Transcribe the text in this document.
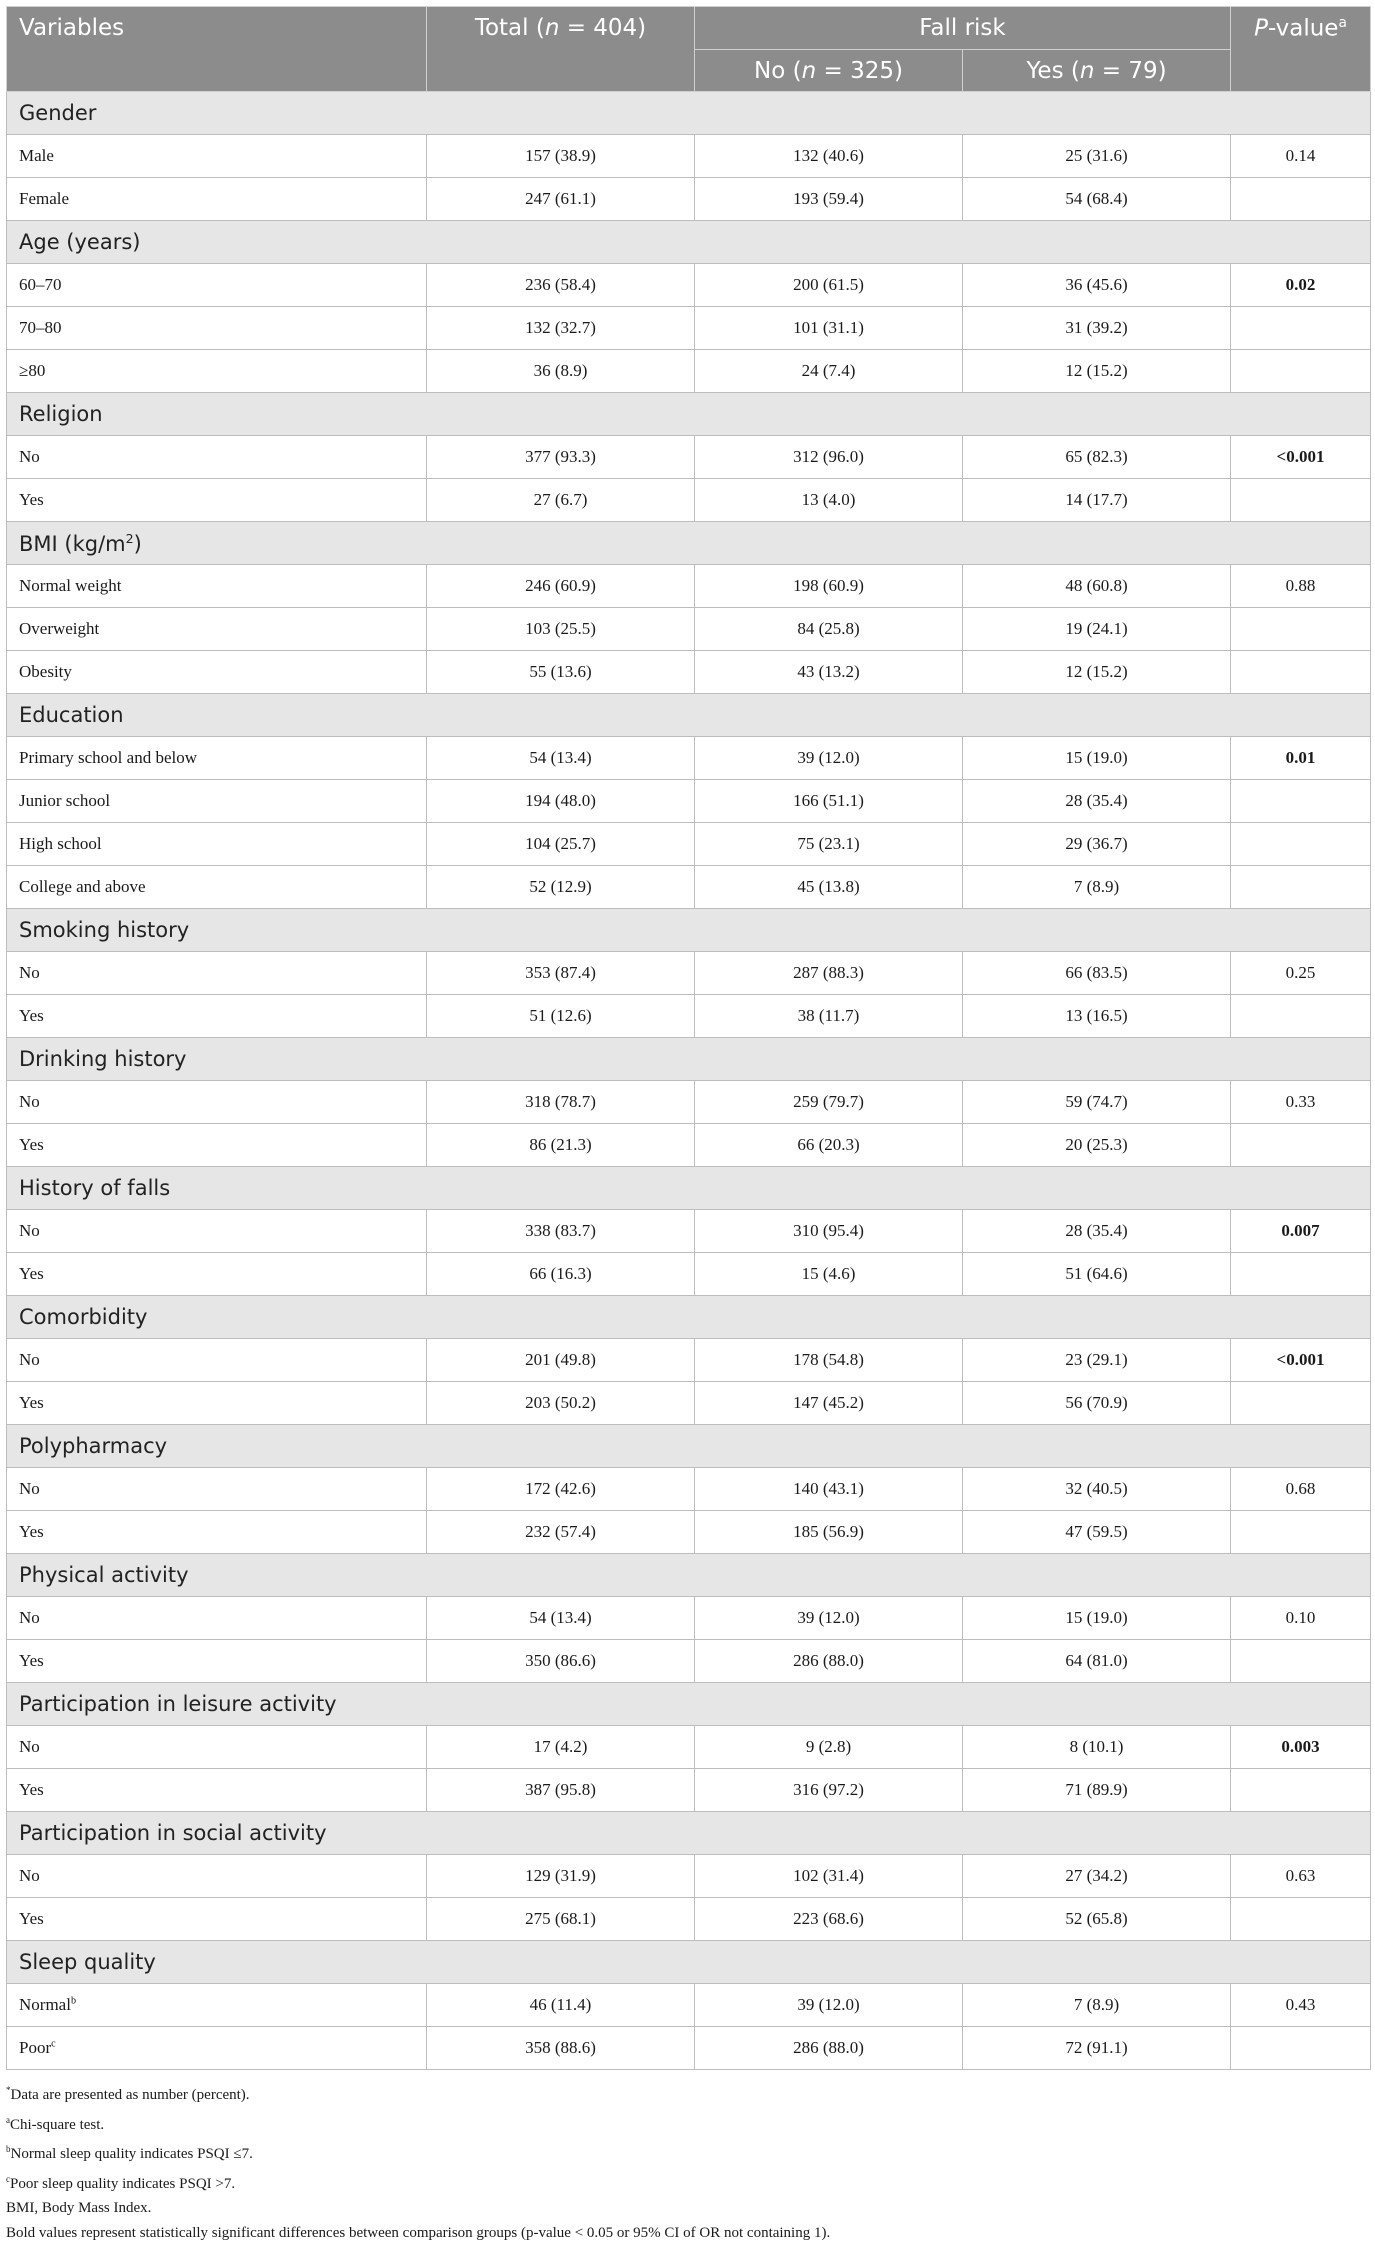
Variables	Total (n = 404)	Fall risk		P-value$^a$
		No (n = 325)	Yes (n = 79)	
Gender				
Male	157 (38.9)	132 (40.6)	25 (31.6)	0.14
Female	247 (61.1)	193 (59.4)	54 (68.4)	
Age (years)				
60–70	236 (58.4)	200 (61.5)	36 (45.6)	0.02
70–80	132 (32.7)	101 (31.1)	31 (39.2)	
≥80	36 (8.9)	24 (7.4)	12 (15.2)	
Religion				
No	377 (93.3)	312 (96.0)	65 (82.3)	<0.001
Yes	27 (6.7)	13 (4.0)	14 (17.7)	
BMI $(kg/m^2)$				
Normal weight	246 (60.9)	198 (60.9)	48 (60.8)	0.88
Overweight	103 (25.5)	84 (25.8)	19 (24.1)	
Obesity	55 (13.6)	43 (13.2)	12 (15.2)	
Education				
Primary school and below	54 (13.4)	39 (12.0)	15 (19.0)	0.01
Junior school	194 (48.0)	166 (51.1)	28 (35.4)	
High school	104 (25.7)	75 (23.1)	29 (36.7)	
College and above	52 (12.9)	45 (13.8)	7 (8.9)	
Smoking history				
No	353 (87.4)	287 (88.3)	66 (83.5)	0.25
Yes	51 (12.6)	38 (11.7)	13 (16.5)	
Drinking history				
No	318 (78.7)	259 (79.7)	59 (74.7)	0.33
Yes	86 (21.3)	66 (20.3)	20 (25.3)	
History of falls				
No	338 (83.7)	310 (95.4)	28 (35.4)	0.007
Yes	66 (16.3)	15 (4.6)	51 (64.6)	
Comorbidity				
No	201 (49.8)	178 (54.8)	23 (29.1)	<0.001
Yes	203 (50.2)	147 (45.2)	56 (70.9)	
Polypharmacy				
No	172 (42.6)	140 (43.1)	32 (40.5)	0.68
Yes	232 (57.4)	185 (56.9)	47 (59.5)	
Physical activity				
No	54 (13.4)	39 (12.0)	15 (19.0)	0.10
Yes	350 (86.6)	286 (88.0)	64 (81.0)	
Participation in leisure activity				
No	17 (4.2)	9 (2.8)	8 (10.1)	0.003
Yes	387 (95.8)	316 (97.2)	71 (89.9)	
Participation in social activity				
No	129 (31.9)	102 (31.4)	27 (34.2)	0.63
Yes	275 (68.1)	223 (68.6)	52 (65.8)	
Sleep quality				
Normal$^b$	46 (11.4)	39 (12.0)	7 (8.9)	0.43
Poor$^c$	358 (88.6)	286 (88.0)	72 (91.1)	
*Data are presented as number (percent).
$^a$Chi-square test.
$^b$Normal sleep quality indicates PSQI ≤7.
$^c$Poor sleep quality indicates PSQI >7.
BMI, Body Mass Index.
Bold values represent statistically significant differences between comparison groups (p-value < 0.05 or 95% CI of OR not containing 1).
